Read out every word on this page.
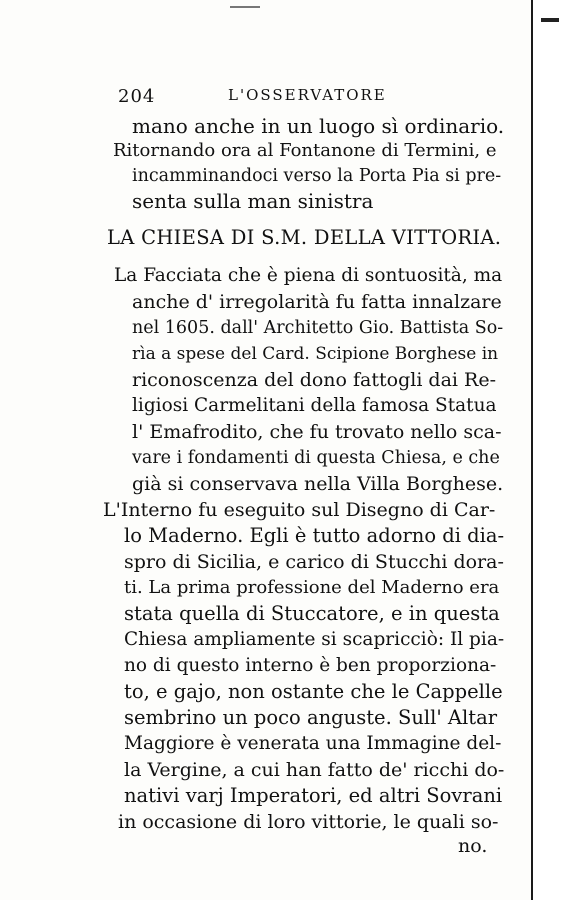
204	L'OSSERVATORE
mano anche in un luogo sì ordinario.
Ritornando ora al Fontanone di Termini, e
incamminandoci verso la Porta Pia si pre-
senta sulla man sinistra
LA CHIESA DI S.M. DELLA VITTORIA.
La Facciata che è piena di sontuosità, ma
anche d' irregolarità fu fatta innalzare
nel 1605. dall' Architetto Gio. Battista So-
rìa a spese del Card. Scipione Borghese in
riconoscenza del dono fattogli dai Re-
ligiosi Carmelitani della famosa Statua
l' Emafrodito, che fu trovato nello sca-
vare i fondamenti di questa Chiesa, e che
già si conservava nella Villa Borghese.
L'Interno fu eseguito sul Disegno di Car-
lo Maderno. Egli è tutto adorno di dia-
spro di Sicilia, e carico di Stucchi dora-
ti. La prima professione del Maderno era
stata quella di Stuccatore, e in questa
Chiesa ampliamente si scapricciò: Il pia-
no di questo interno è ben proporziona-
to, e gajo, non ostante che le Cappelle
sembrino un poco anguste. Sull' Altar
Maggiore è venerata una Immagine del-
la Vergine, a cui han fatto de' ricchi do-
nativi varj Imperatori, ed altri Sovrani
in occasione di loro vittorie, le quali so-
no.
